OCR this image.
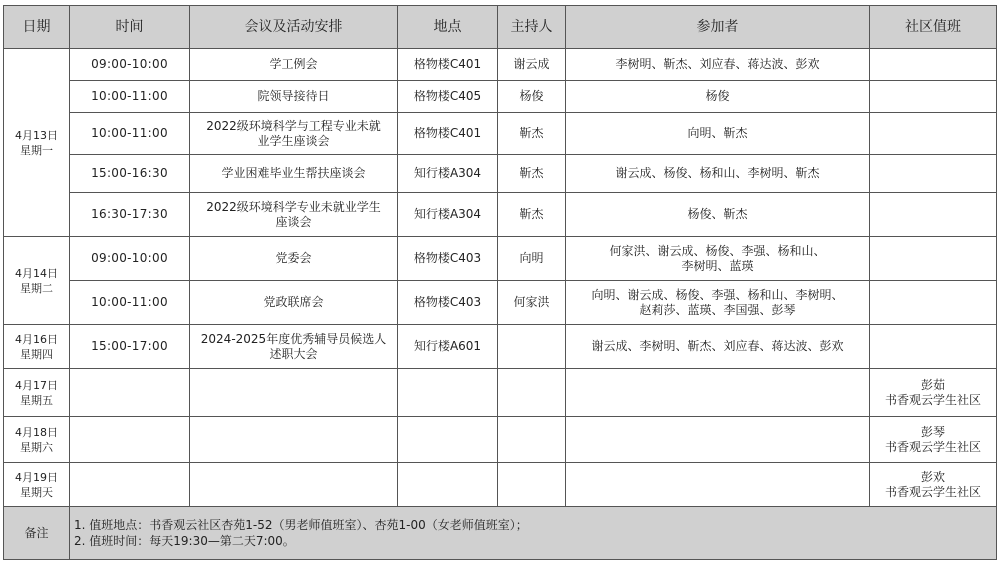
日期	时间	会议及活动安排	地点	主持人	参加者	社区值班

4月13日
星期一	09:00-10:00	学工例会	格物楼C401	谢云成	李树明、靳杰、刘应春、蒋达波、彭欢	

	10:00-11:00	院领导接待日	格物楼C405	杨俊	杨俊	

	10:00-11:00	2022级环境科学与工程专业未就
业学生座谈会	格物楼C401	靳杰	向明、靳杰	

	15:00-16:30	学业困难毕业生帮扶座谈会	知行楼A304	靳杰	谢云成、杨俊、杨和山、李树明、靳杰	

	16:30-17:30	2022级环境科学专业未就业学生
座谈会	知行楼A304	靳杰	杨俊、靳杰	

4月14日
星期二	09:00-10:00	党委会	格物楼C403	向明	何家洪、谢云成、杨俊、李强、杨和山、
李树明、蓝瑛	

	10:00-11:00	党政联席会	格物楼C403	何家洪	向明、谢云成、杨俊、李强、杨和山、李树明、
赵莉莎、蓝瑛、李国强、彭琴	

4月16日
星期四	15:00-17:00	2024-2025年度优秀辅导员候选人
述职大会	知行楼A601		谢云成、李树明、靳杰、刘应春、蒋达波、彭欢	

4月17日
星期五						彭茹
书香观云学生社区

4月18日
星期六						彭琴
书香观云学生社区

4月19日
星期天						彭欢
书香观云学生社区

备注	1. 值班地点：书香观云社区杏苑1-52（男老师值班室）、杏苑1-00（女老师值班室）；
2. 值班时间：每天19:30—第二天7:00。					
